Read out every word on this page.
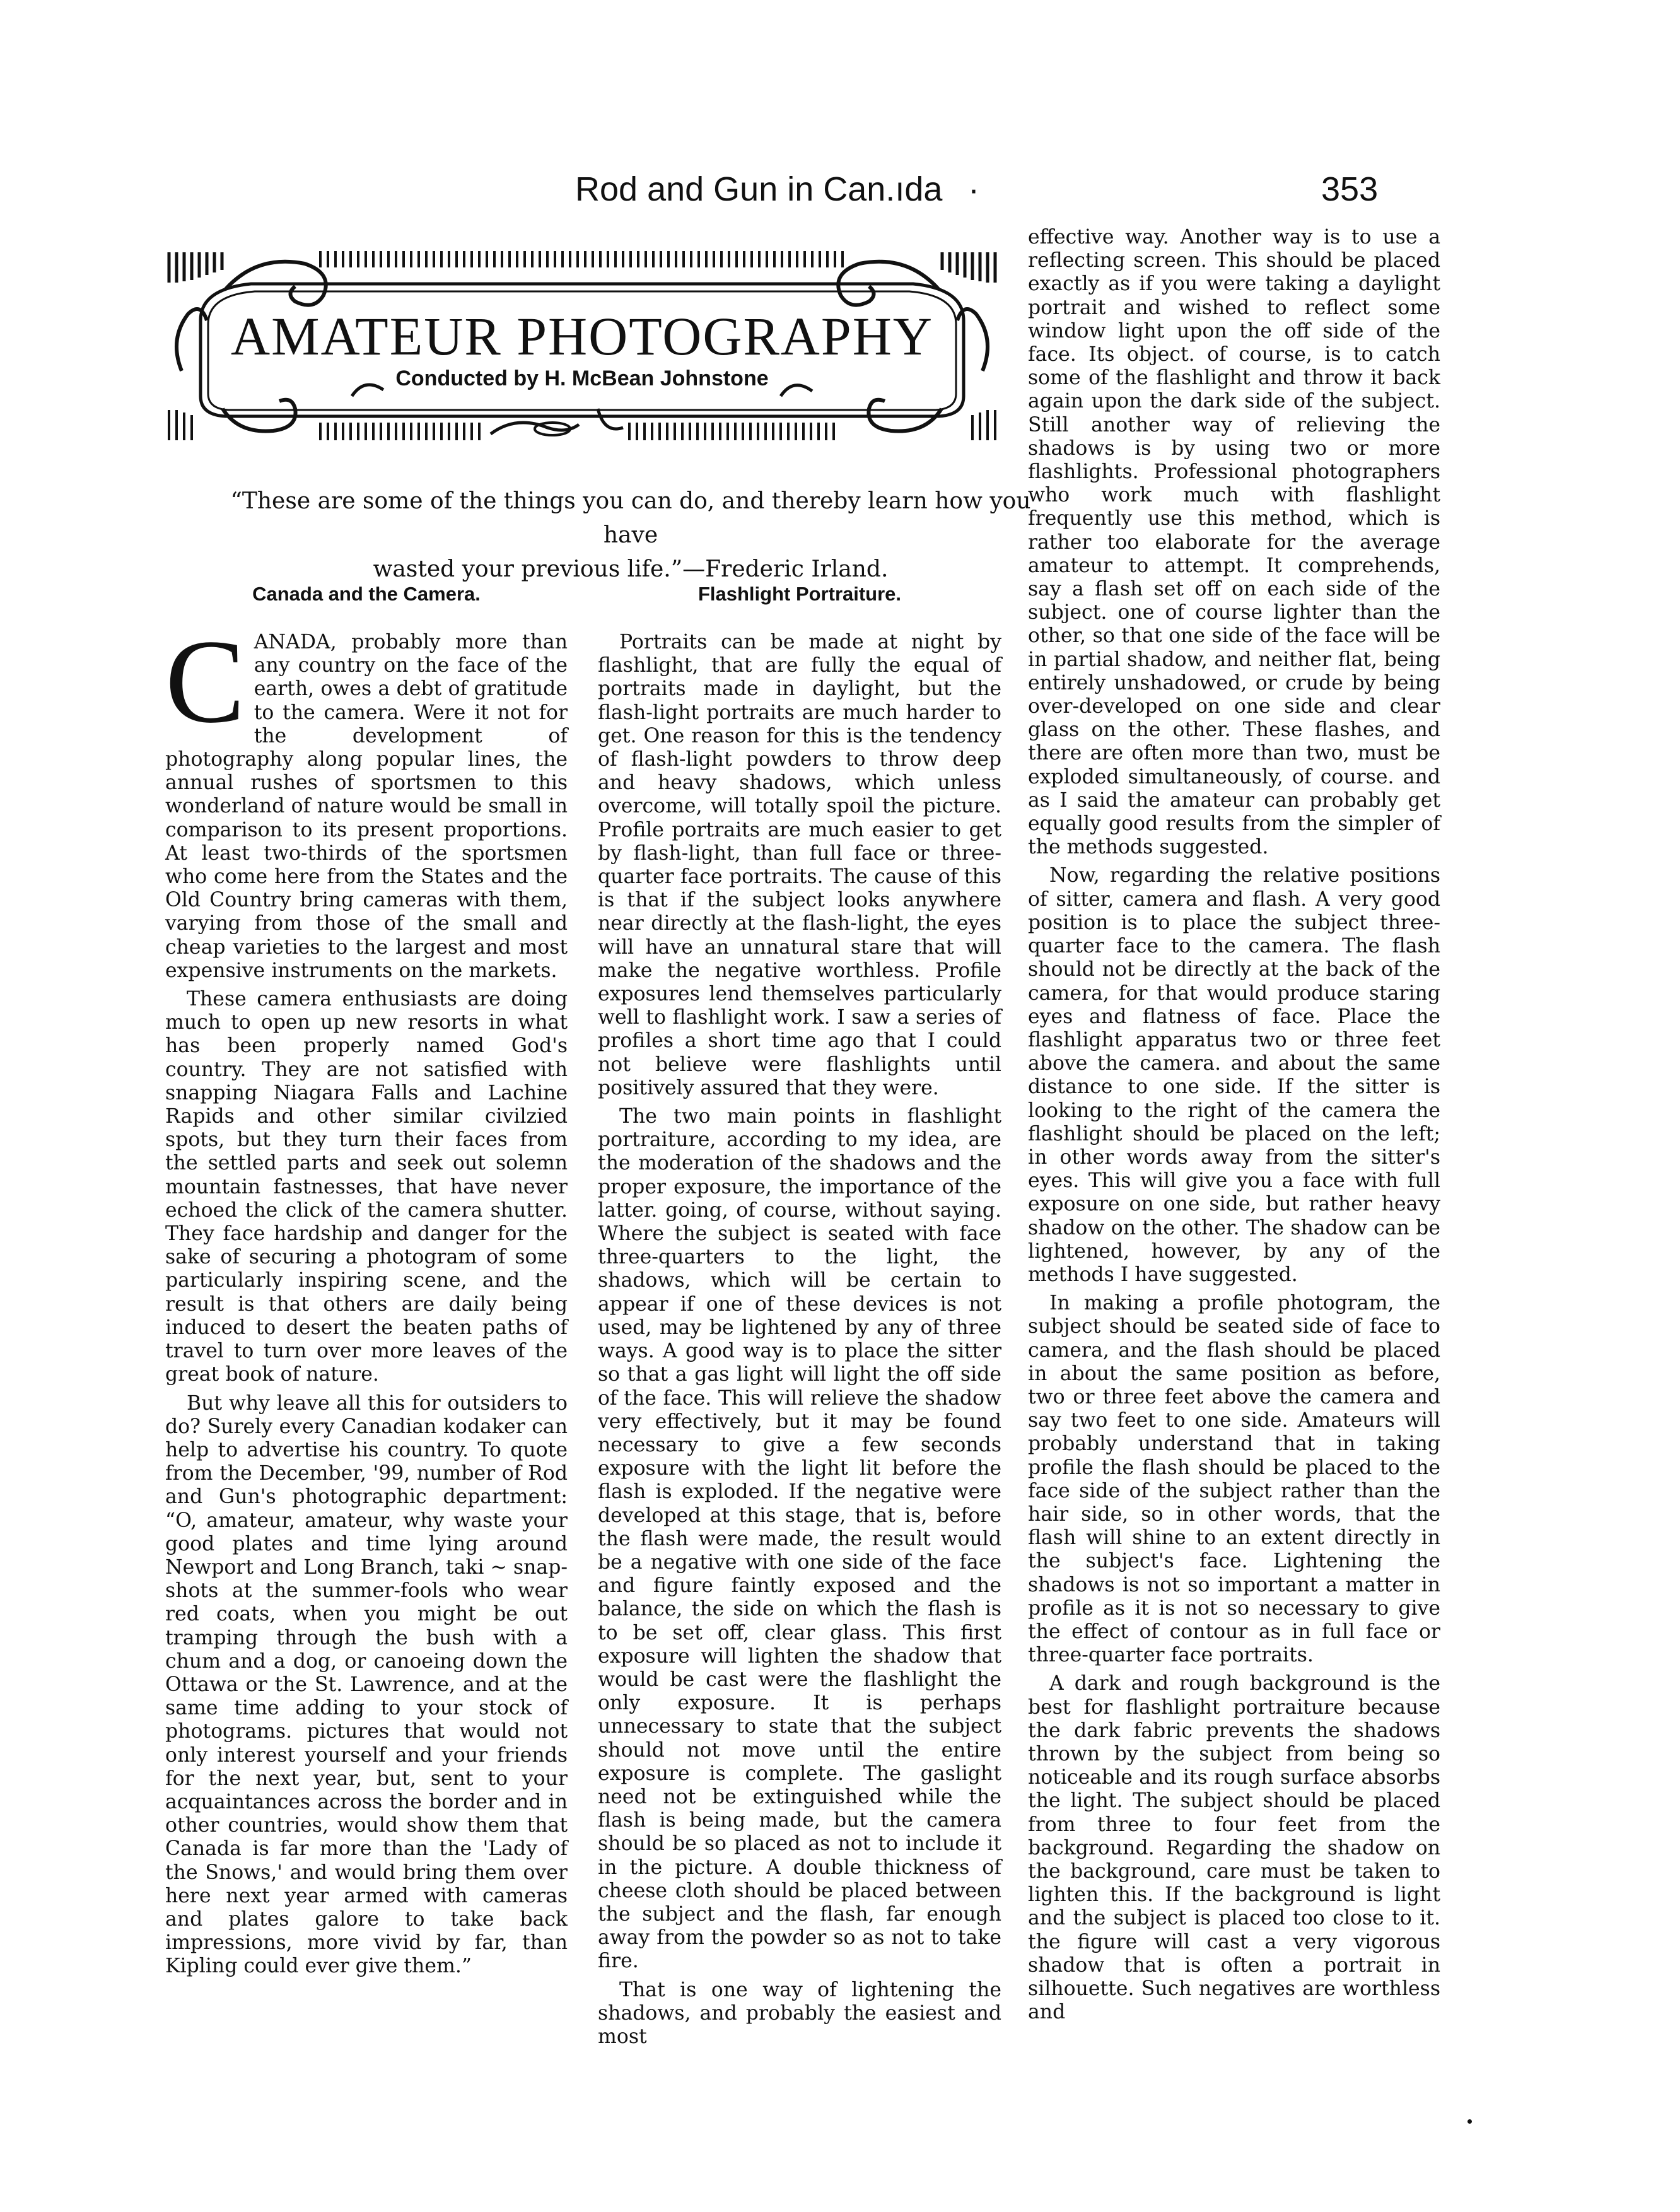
Rod and Gun in Can.ıda ·	353
AMATEUR PHOTOGRAPHY
Conducted by H. McBean Johnstone
“These are some of the things you can do, and thereby learn how you have
wasted your previous life.”—Frederic Irland.
Canada and the Camera.

CANADA, probably more than any country on the face of the earth, owes a debt of gratitude to the camera. Were it not for the development of photography along popular lines, the annual rushes of sportsmen to this wonderland of nature would be small in comparison to its present proportions. At least two-thirds of the sportsmen who come here from the States and the Old Country bring cameras with them, varying from those of the small and cheap varieties to the largest and most expensive instruments on the markets.

These camera enthusiasts are doing much to open up new resorts in what has been properly named God's country. They are not satisfied with snapping Niagara Falls and Lachine Rapids and other similar civilzied spots, but they turn their faces from the settled parts and seek out solemn mountain fastnesses, that have never echoed the click of the camera shutter. They face hardship and danger for the sake of securing a photogram of some particularly inspiring scene, and the result is that others are daily being induced to desert the beaten paths of travel to turn over more leaves of the great book of nature.

But why leave all this for outsiders to do? Surely every Canadian kodaker can help to advertise his country. To quote from the December, '99, number of Rod and Gun's photographic department: “O, amateur, amateur, why waste your good plates and time lying around Newport and Long Branch, taki ~ snap-shots at the summer-fools who wear red coats, when you might be out tramping through the bush with a chum and a dog, or canoeing down the Ottawa or the St. Lawrence, and at the same time adding to your stock of photograms. pictures that would not only interest yourself and your friends for the next year, but, sent to your acquaintances across the border and in other countries, would show them that Canada is far more than the 'Lady of the Snows,' and would bring them over here next year armed with cameras and plates galore to take back impressions, more vivid by far, than Kipling could ever give them.”

Flashlight Portraiture.

Portraits can be made at night by flashlight, that are fully the equal of portraits made in daylight, but the flash-light portraits are much harder to get. One reason for this is the tendency of flash-light powders to throw deep and heavy shadows, which unless overcome, will totally spoil the picture. Profile portraits are much easier to get by flash-light, than full face or three-quarter face portraits. The cause of this is that if the subject looks anywhere near directly at the flash-light, the eyes will have an unnatural stare that will make the negative worthless. Profile exposures lend themselves particularly well to flashlight work. I saw a series of profiles a short time ago that I could not believe were flashlights until positively assured that they were.

The two main points in flashlight portraiture, according to my idea, are the moderation of the shadows and the proper exposure, the importance of the latter. going, of course, without saying. Where the subject is seated with face three-quarters to the light, the shadows, which will be certain to appear if one of these devices is not used, may be lightened by any of three ways. A good way is to place the sitter so that a gas light will light the off side of the face. This will relieve the shadow very effectively, but it may be found necessary to give a few seconds exposure with the light lit before the flash is exploded. If the negative were developed at this stage, that is, before the flash were made, the result would be a negative with one side of the face and figure faintly exposed and the balance, the side on which the flash is to be set off, clear glass. This first exposure will lighten the shadow that would be cast were the flashlight the only exposure. It is perhaps unnecessary to state that the subject should not move until the entire exposure is complete. The gaslight need not be extinguished while the flash is being made, but the camera should be so placed as not to include it in the picture. A double thickness of cheese cloth should be placed between the subject and the flash, far enough away from the powder so as not to take fire.

That is one way of lightening the shadows, and probably the easiest and most

effective way. Another way is to use a reflecting screen. This should be placed exactly as if you were taking a daylight portrait and wished to reflect some window light upon the off side of the face. Its object. of course, is to catch some of the flashlight and throw it back again upon the dark side of the subject. Still another way of relieving the shadows is by using two or more flashlights. Professional photographers who work much with flashlight frequently use this method, which is rather too elaborate for the average amateur to attempt. It comprehends, say a flash set off on each side of the subject. one of course lighter than the other, so that one side of the face will be in partial shadow, and neither flat, being entirely unshadowed, or crude by being over-developed on one side and clear glass on the other. These flashes, and there are often more than two, must be exploded simultaneously, of course. and as I said the amateur can probably get equally good results from the simpler of the methods suggested.

Now, regarding the relative positions of sitter, camera and flash. A very good position is to place the subject three-quarter face to the camera. The flash should not be directly at the back of the camera, for that would produce staring eyes and flatness of face. Place the flashlight apparatus two or three feet above the camera. and about the same distance to one side. If the sitter is looking to the right of the camera the flashlight should be placed on the left; in other words away from the sitter's eyes. This will give you a face with full exposure on one side, but rather heavy shadow on the other. The shadow can be lightened, however, by any of the methods I have suggested.

In making a profile photogram, the subject should be seated side of face to camera, and the flash should be placed in about the same position as before, two or three feet above the camera and say two feet to one side. Amateurs will probably understand that in taking profile the flash should be placed to the face side of the subject rather than the hair side, so in other words, that the flash will shine to an extent directly in the subject's face. Lightening the shadows is not so important a matter in profile as it is not so necessary to give the effect of contour as in full face or three-quarter face portraits.

A dark and rough background is the best for flashlight portraiture because the dark fabric prevents the shadows thrown by the subject from being so noticeable and its rough surface absorbs the light. The subject should be placed from three to four feet from the background. Regarding the shadow on the background, care must be taken to lighten this. If the background is light and the subject is placed too close to it. the figure will cast a very vigorous shadow that is often a portrait in silhouette. Such negatives are worthless and
